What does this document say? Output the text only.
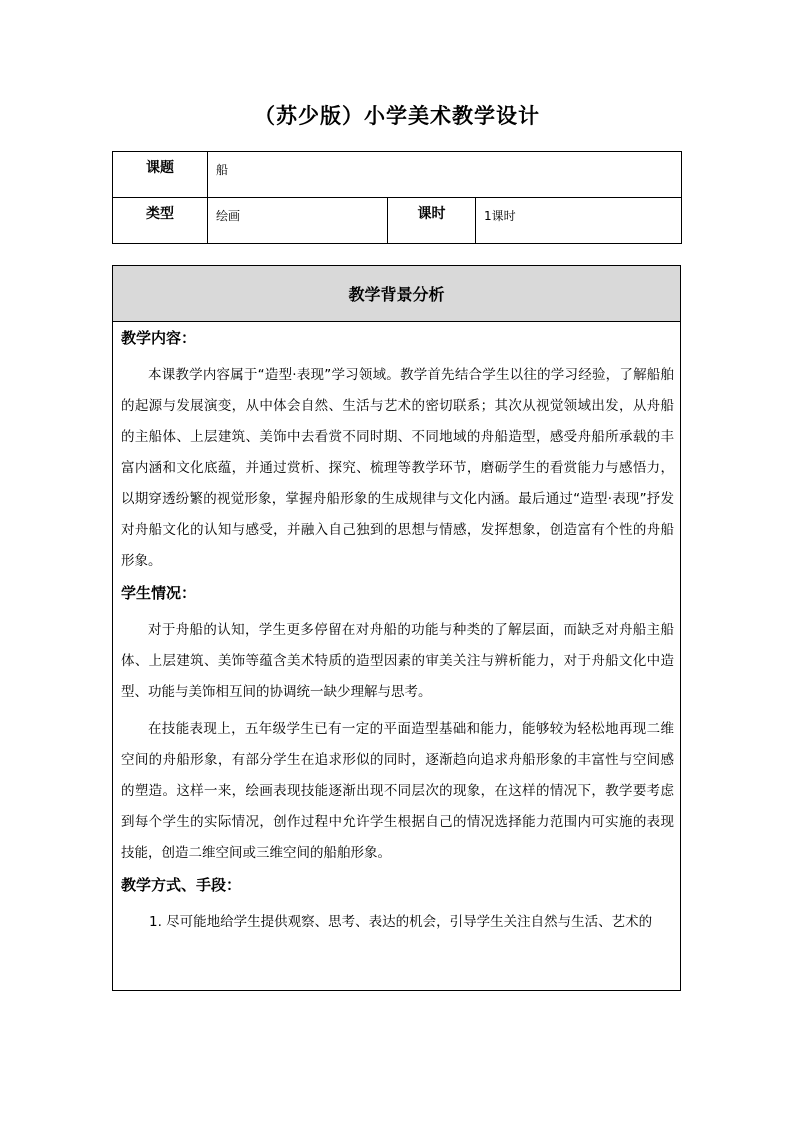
（苏少版）小学美术教学设计
课题	船		
类型	绘画	课时	1课时
教学背景分析

教学内容：

本课教学内容属于“造型·表现”学习领域。教学首先结合学生以往的学习经验，了解船舶的起源与发展演变，从中体会自然、生活与艺术的密切联系；其次从视觉领域出发，从舟船的主船体、上层建筑、美饰中去看赏不同时期、不同地域的舟船造型，感受舟船所承载的丰富内涵和文化底蕴，并通过赏析、探究、梳理等教学环节，磨砺学生的看赏能力与感悟力，以期穿透纷繁的视觉形象，掌握舟船形象的生成规律与文化内涵。最后通过“造型·表现”抒发对舟船文化的认知与感受，并融入自己独到的思想与情感，发挥想象，创造富有个性的舟船形象。

学生情况：

对于舟船的认知，学生更多停留在对舟船的功能与种类的了解层面，而缺乏对舟船主船体、上层建筑、美饰等蕴含美术特质的造型因素的审美关注与辨析能力，对于舟船文化中造型、功能与美饰相互间的协调统一缺少理解与思考。

在技能表现上，五年级学生已有一定的平面造型基础和能力，能够较为轻松地再现二维空间的舟船形象，有部分学生在追求形似的同时，逐渐趋向追求舟船形象的丰富性与空间感的塑造。这样一来，绘画表现技能逐渐出现不同层次的现象，在这样的情况下，教学要考虑到每个学生的实际情况，创作过程中允许学生根据自己的情况选择能力范围内可实施的表现技能，创造二维空间或三维空间的船舶形象。

教学方式、手段：

1. 尽可能地给学生提供观察、思考、表达的机会，引导学生关注自然与生活、艺术的
